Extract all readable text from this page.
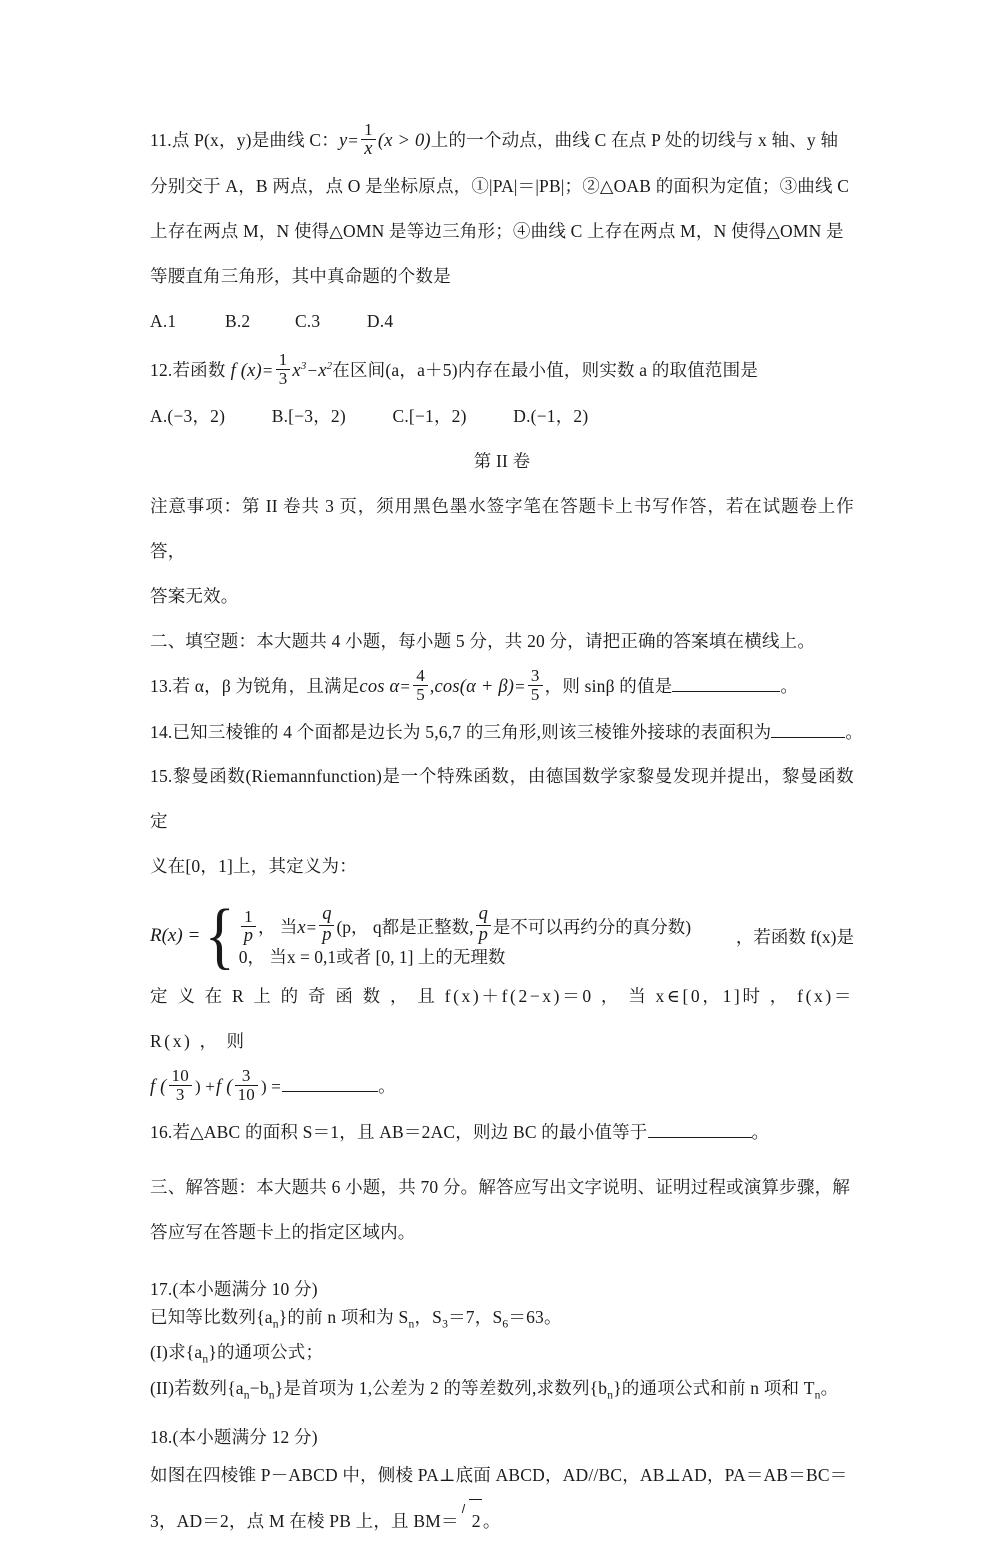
11.点 P(x，y)是曲线 C：$y= \frac{1}{x} (x > 0)$上的一个动点，曲线 C 在点 P 处的切线与 x 轴、y 轴
分别交于 A，B 两点，点 O 是坐标原点，①|PA|＝|PB|；②△OAB 的面积为定值；③曲线 C
上存在两点 M，N 使得△OMN 是等边三角形；④曲线 C 上存在两点 M，N 使得△OMN 是
等腰直角三角形，其中真命题的个数是
A.1	B.2	C.3	D.4
12.若函数 f $(x)= \frac{1}{3} x^3-x^2$在区间(a，a＋5)内存在最小值，则实数 a 的取值范围是
A.(−3，2)	B.[−3，2)	C.[−1，2)	D.(−1，2)
第 II 卷
注意事项：第 II 卷共 3 页，须用黑色墨水签字笔在答题卡上书写作答，若在试题卷上作答，
答案无效。
二、填空题：本大题共 4 小题，每小题 5 分，共 20 分，请把正确的答案填在横线上。
13.若 α，β 为锐角，且满足$\cos \alpha= \frac{4}{5} ,\cos(\alpha + \beta)= \frac{3}{5}$ ，则 sinβ 的值是	。
14.已知三棱锥的 4 个面都是边长为 5,6,7 的三角形,则该三棱锥外接球的表面积为	。
15.黎曼函数(Riemannfunction)是一个特殊函数，由德国数学家黎曼发现并提出，黎曼函数定
义在[0，1]上，其定义为：
R(x) = { $\frac{1}{p}$ ， 当$x= \frac{q}{p} (p$， q都是正整数, $\frac{q}{p}$ 是不可以再约分的真分数) 0， 当x = 0,1或者 [0, 1] 上的无理数
，若函数 f(x)是
定 义 在 R 上 的 奇 函 数 ， 且 f(x)＋f(2−x)＝0 ， 当 x∈[0，1]时 ， f(x)＝R(x) ， 则
f ( $\frac{10}{3}$ ) +f ( $\frac{3}{10}$ ) =	。
16.若△ABC 的面积 S＝1，且 AB＝2AC，则边 BC 的最小值等于	。
三、解答题：本大题共 6 小题，共 70 分。解答应写出文字说明、证明过程或演算步骤，解
答应写在答题卡上的指定区域内。
17.(本小题满分 10 分)
已知等比数列$\{a_n\}$的前 n 项和为 $S_n$，$S_3=7$，$S_6=63$。
(I)求$\{a_n\}$的通项公式；
(II)若数列$\{a_n-b_n\}$是首项为 1,公差为 2 的等差数列,求数列$\{b_n\}$的通项公式和前 n 项和 $T_n$。
18.(本小题满分 12 分)
如图在四棱锥 P－ABCD 中，侧棱 PA⊥底面 ABCD，AD//BC，AB⊥AD，PA＝AB＝BC＝
3，AD＝2，点 M 在棱 PB 上，且 BM＝ 2 。
